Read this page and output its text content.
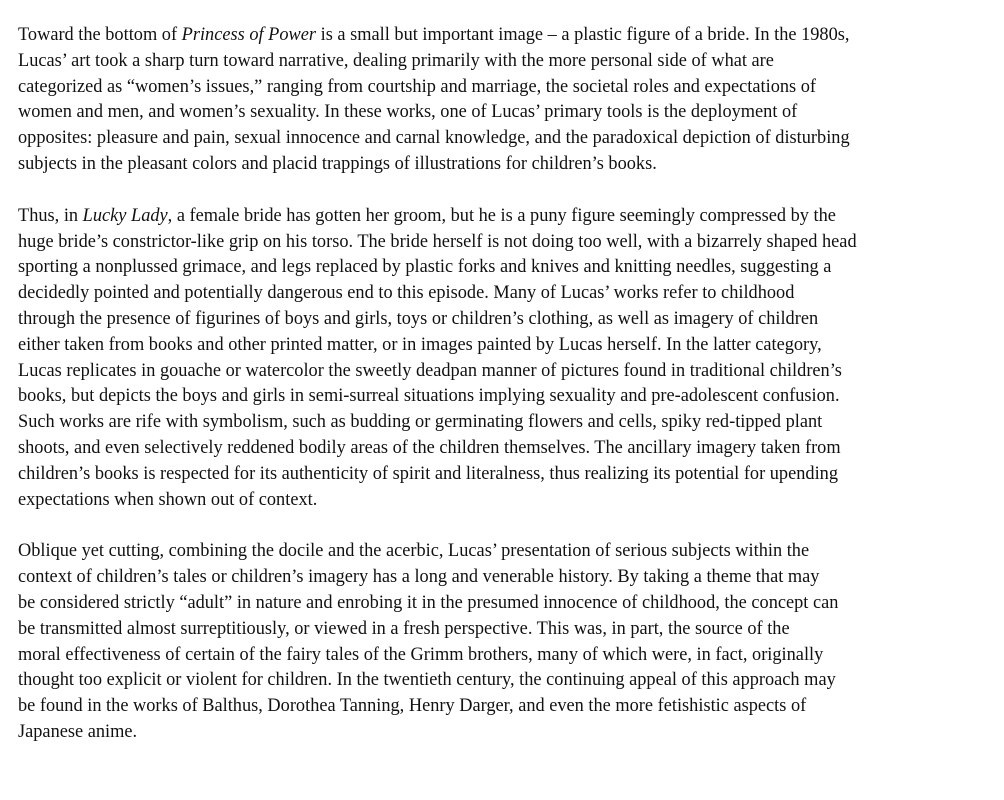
Toward the bottom of Princess of Power is a small but important image – a plastic figure of a bride. In the 1980s,
Lucas’ art took a sharp turn toward narrative, dealing primarily with the more personal side of what are
categorized as “women’s issues,” ranging from courtship and marriage, the societal roles and expectations of
women and men, and women’s sexuality. In these works, one of Lucas’ primary tools is the deployment of
opposites: pleasure and pain, sexual innocence and carnal knowledge, and the paradoxical depiction of disturbing
subjects in the pleasant colors and placid trappings of illustrations for children’s books.

Thus, in Lucky Lady, a female bride has gotten her groom, but he is a puny figure seemingly compressed by the
huge bride’s constrictor-like grip on his torso. The bride herself is not doing too well, with a bizarrely shaped head
sporting a nonplussed grimace, and legs replaced by plastic forks and knives and knitting needles, suggesting a
decidedly pointed and potentially dangerous end to this episode. Many of Lucas’ works refer to childhood
through the presence of figurines of boys and girls, toys or children’s clothing, as well as imagery of children
either taken from books and other printed matter, or in images painted by Lucas herself. In the latter category,
Lucas replicates in gouache or watercolor the sweetly deadpan manner of pictures found in traditional children’s
books, but depicts the boys and girls in semi-surreal situations implying sexuality and pre-adolescent confusion.
Such works are rife with symbolism, such as budding or germinating flowers and cells, spiky red-tipped plant
shoots, and even selectively reddened bodily areas of the children themselves. The ancillary imagery taken from
children’s books is respected for its authenticity of spirit and literalness, thus realizing its potential for upending
expectations when shown out of context.

Oblique yet cutting, combining the docile and the acerbic, Lucas’ presentation of serious subjects within the
context of children’s tales or children’s imagery has a long and venerable history. By taking a theme that may
be considered strictly “adult” in nature and enrobing it in the presumed innocence of childhood, the concept can
be transmitted almost surreptitiously, or viewed in a fresh perspective. This was, in part, the source of the
moral effectiveness of certain of the fairy tales of the Grimm brothers, many of which were, in fact, originally
thought too explicit or violent for children. In the twentieth century, the continuing appeal of this approach may
be found in the works of Balthus, Dorothea Tanning, Henry Darger, and even the more fetishistic aspects of
Japanese anime.
